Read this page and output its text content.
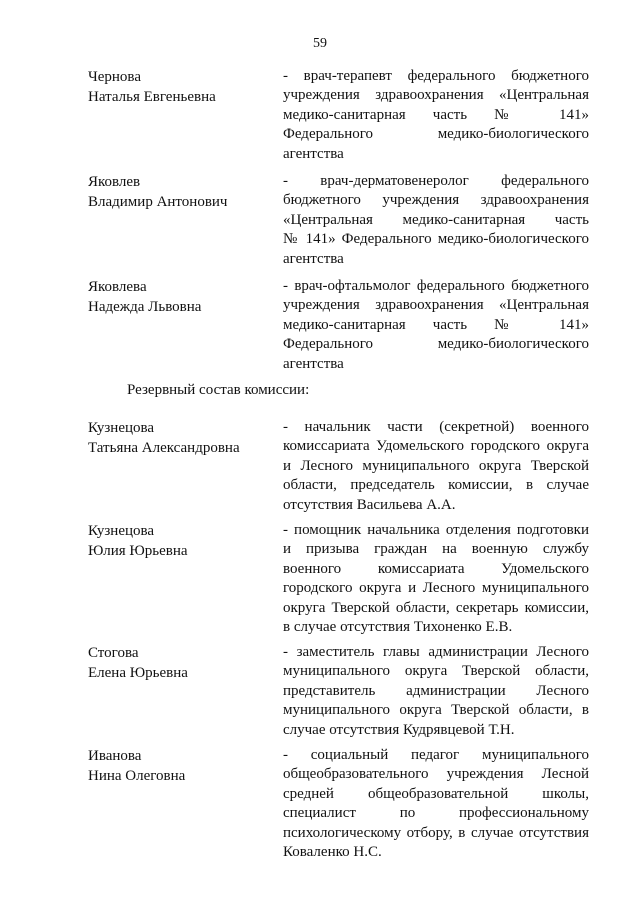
59
Чернова
Наталья Евгеньевна
- врач-терапевт федерального бюджетного
учреждения здравоохранения «Центральная
медико-санитарная часть № 141»
Федерального медико-биологического
агентства
Яковлев
Владимир Антонович
- врач-дерматовенеролог федерального
бюджетного учреждения здравоохранения
«Центральная медико-санитарная часть
№ 141» Федерального медико-биологического
агентства
Яковлева
Надежда Львовна
- врач-офтальмолог федерального бюджетного
учреждения здравоохранения «Центральная
медико-санитарная часть № 141»
Федерального медико-биологического
агентства
Резервный состав комиссии:
Кузнецова
Татьяна Александровна
- начальник части (секретной) военного
комиссариата Удомельского городского округа
и Лесного муниципального округа Тверской
области, председатель комиссии, в случае
отсутствия Васильева А.А.
Кузнецова
Юлия Юрьевна
- помощник начальника отделения подготовки
и призыва граждан на военную службу
военного комиссариата Удомельского
городского округа и Лесного муниципального
округа Тверской области, секретарь комиссии,
в случае отсутствия Тихоненко Е.В.
Стогова
Елена Юрьевна
- заместитель главы администрации Лесного
муниципального округа Тверской области,
представитель администрации Лесного
муниципального округа Тверской области, в
случае отсутствия Кудрявцевой Т.Н.
Иванова
Нина Олеговна
- социальный педагог муниципального
общеобразовательного учреждения Лесной
средней общеобразовательной школы,
специалист по профессиональному
психологическому отбору, в случае отсутствия
Коваленко Н.С.
